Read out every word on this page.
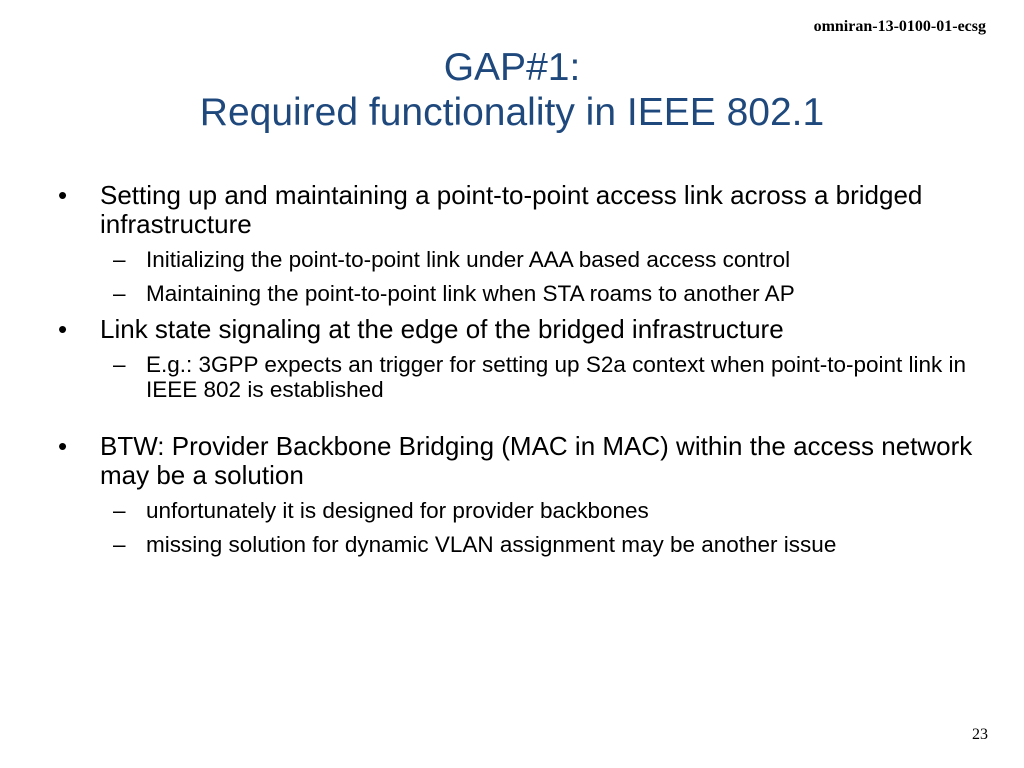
omniran-13-0100-01-ecsg
GAP#1:
Required functionality in IEEE 802.1
• Setting up and maintaining a point-to-point access link across a bridged infrastructure
– Initializing the point-to-point link under AAA based access control
– Maintaining the point-to-point link when STA roams to another AP
• Link state signaling at the edge of the bridged infrastructure
– E.g.: 3GPP expects an trigger for setting up S2a context when point-to-point link in IEEE 802 is established
• BTW: Provider Backbone Bridging (MAC in MAC) within the access network may be a solution
– unfortunately it is designed for provider backbones
– missing solution for dynamic VLAN assignment may be another issue
23
